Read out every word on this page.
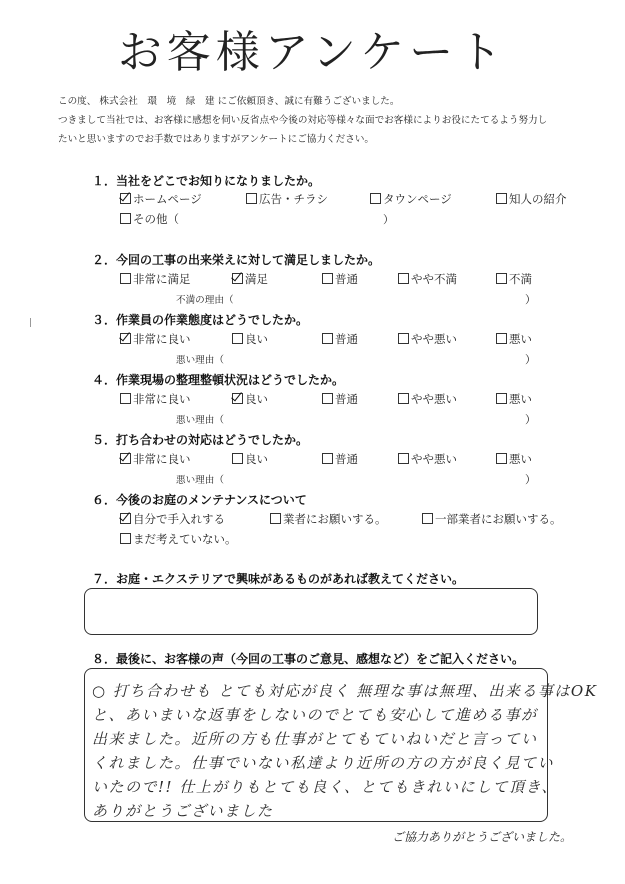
お客様アンケート
この度、 株式会社　環　境　緑　建 にご依頼頂き、誠に有難うございました。
つきまして当社では、お客様に感想を伺い反省点や今後の対応等様々な面でお客様によりお役にたてるよう努力し
たいと思いますのでお手数ではありますがアンケートにご協力ください。
１．当社をどこでお知りになりましたか。
ホームページ	広告・チラシ	タウンページ	知人の紹介
その他（	）
２．今回の工事の出来栄えに対して満足しましたか。
非常に満足	満足	普通	やや不満	不満
不満の理由（	）
３．作業員の作業態度はどうでしたか。
非常に良い	良い	普通	やや悪い	悪い
悪い理由（	）
４．作業現場の整理整頓状況はどうでしたか。
非常に良い	良い	普通	やや悪い	悪い
悪い理由（	）
５．打ち合わせの対応はどうでしたか。
非常に良い	良い	普通	やや悪い	悪い
悪い理由（	）
６．今後のお庭のメンテナンスについて
自分で手入れする	業者にお願いする。	一部業者にお願いする。
まだ考えていない。
７．お庭・エクステリアで興味があるものがあれば教えてください。
８．最後に、お客様の声（今回の工事のご意見、感想など）をご記入ください。
○ 打ち合わせも とても対応が良く 無理な事は無理、出来る事はOK
と、あいまいな返事をしないのでとても安心して進める事が
出来ました。近所の方も仕事がとてもていねいだと言ってい
くれました。仕事でいない私達より近所の方の方が良く見てい
いたので!! 仕上がりもとても良く、とてもきれいにして頂き、
ありがとうございました
ご協力ありがとうございました。
